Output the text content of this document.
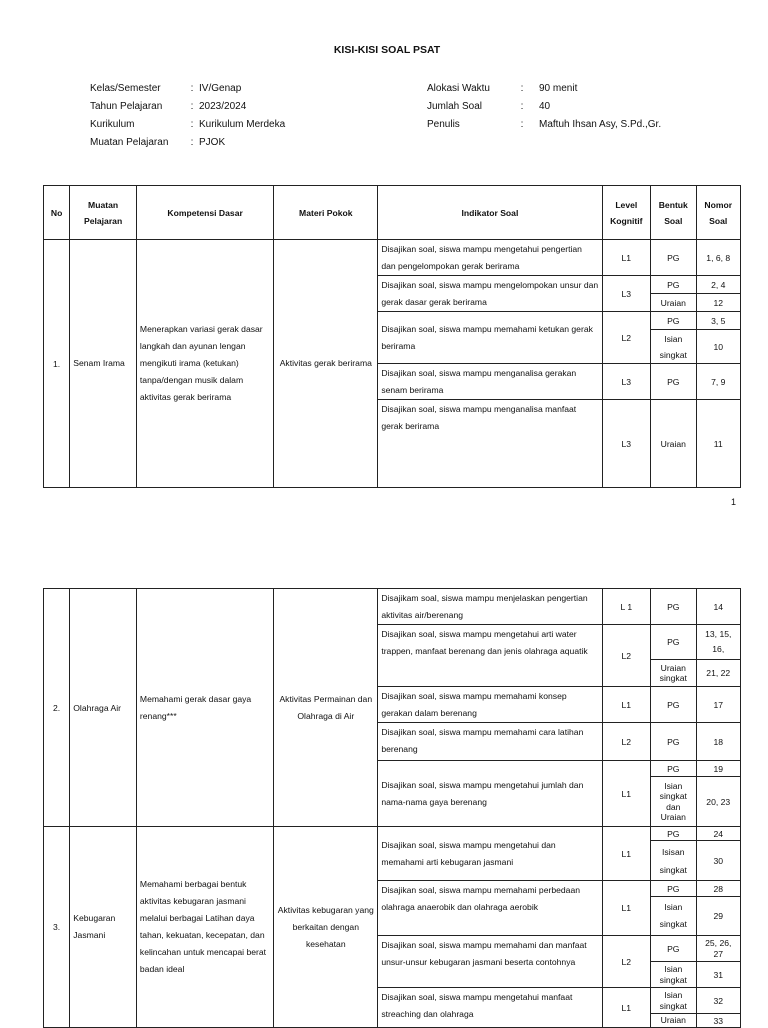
KISI-KISI SOAL PSAT
Kelas/Semester	: IV/Genap
Tahun Pelajaran	: 2023/2024
Kurikulum	: Kurikulum Merdeka
Muatan Pelajaran : PJOK
Alokasi Waktu	: 90 menit
Jumlah Soal	: 40
Penulis	: Maftuh Ihsan Asy, S.Pd.,Gr.
No	Muatan Pelajaran	Kompetensi Dasar	Materi Pokok	Indikator Soal	Level Kognitif	Bentuk Soal	Nomor Soal
1.	Senam Irama	Menerapkan variasi gerak dasar langkah dan ayunan lengan mengikuti irama (ketukan) tanpa/dengan musik dalam aktivitas gerak berirama	Aktivitas gerak berirama	Disajikan soal, siswa mampu mengetahui pengertian dan pengelompokan gerak berirama	L1	PG	1, 6, 8
				Disajikan soal, siswa mampu mengelompokan unsur dan gerak dasar gerak berirama	L3	PG	2, 4
						Uraian	12
				Disajikan soal, siswa mampu memahami ketukan gerak berirama	L2	PG	3, 5
						Isian singkat	10
				Disajikan soal, siswa mampu menganalisa gerakan senam berirama	L3	PG	7, 9
				Disajikan soal, siswa mampu menganalisa manfaat gerak berirama	L3	Uraian	11

1
2.	Olahraga Air	Memahami gerak dasar gaya renang***	Aktivitas Permainan dan Olahraga di Air	Disajikam soal, siswa mampu menjelaskan pengertian aktivitas air/berenang	L 1	PG	14
				Disajikan soal, siswa mampu mengetahui arti water trappen, manfaat berenang dan jenis olahraga aquatik	L2	PG	13, 15, 16,
						Uraian singkat	21, 22
				Disajikan soal, siswa mampu memahami konsep gerakan dalam berenang	L1	PG	17
				Disajikan soal, siswa mampu memahami cara latihan berenang	L2	PG	18
				Disajikan soal, siswa mampu mengetahui jumlah dan nama-nama gaya berenang	L1	PG	19
						Isian singkat dan Uraian	20, 23
3.	Kebugaran Jasmani	Memahami berbagai bentuk aktivitas kebugaran jasmani melalui berbagai Latihan daya tahan, kekuatan, kecepatan, dan kelincahan untuk mencapai berat badan ideal	Aktivitas kebugaran yang berkaitan dengan kesehatan	Disajikan soal, siswa mampu mengetahui dan memahami arti kebugaran jasmani	L1	PG	24
						Isisan singkat	30
				Disajikan soal, siswa mampu memahami perbedaan olahraga anaerobik dan olahraga aerobik	L1	PG	28
						Isian singkat	29
				Disajikan soal, siswa mampu memahami dan manfaat unsur-unsur kebugaran jasmani beserta contohnya	L2	PG	25, 26, 27
						Isian singkat	31
				Disajikan soal, siswa mampu mengetahui manfaat streaching dan olahraga	L1	Isian singkat	32
						Uraian	33
